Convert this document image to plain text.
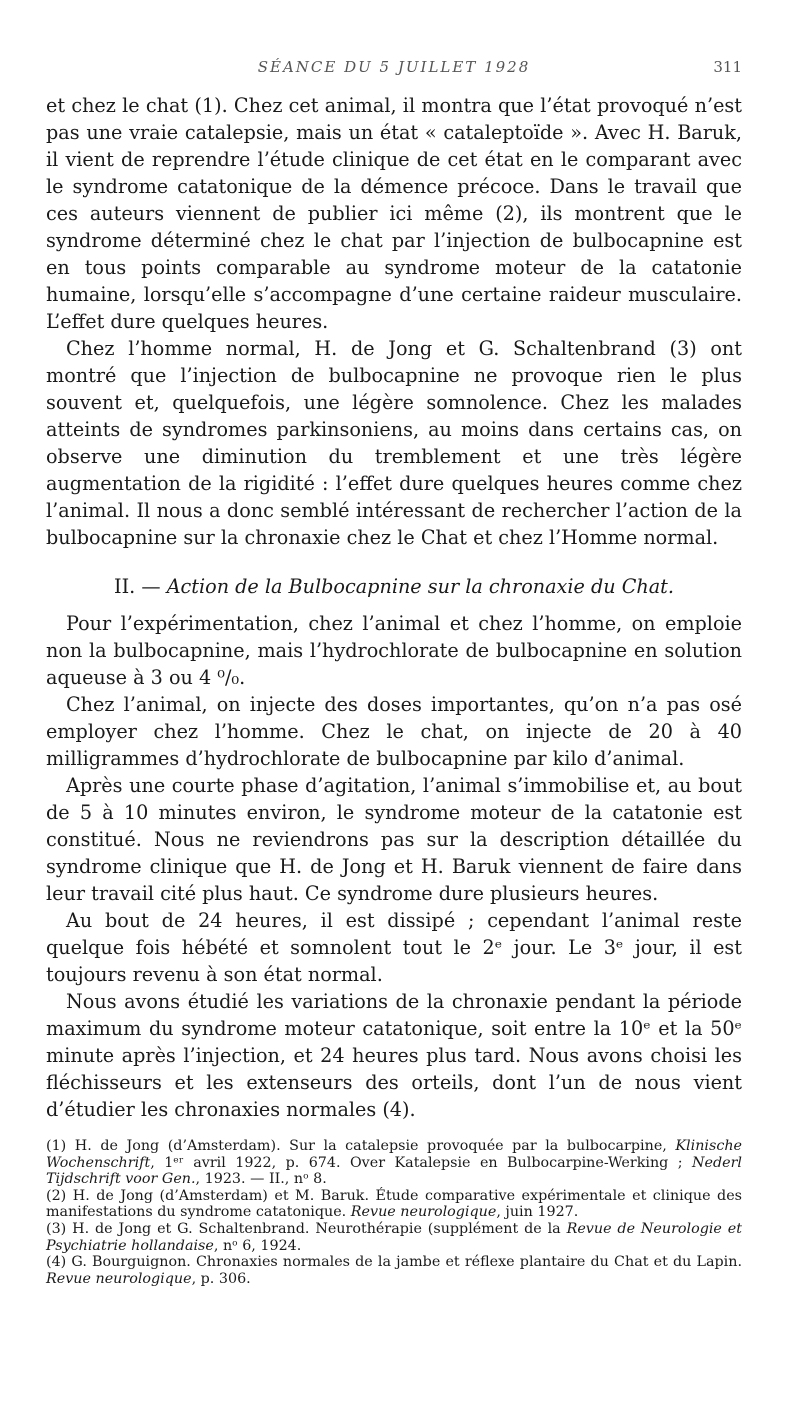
SÉANCE DU 5 JUILLET 1928	311

et chez le chat (1). Chez cet animal, il montra que l’état provoqué n’est pas une vraie catalepsie, mais un état « cataleptoïde ». Avec H. Baruk, il vient de reprendre l’étude clinique de cet état en le comparant avec le syndrome catatonique de la démence précoce. Dans le travail que ces auteurs viennent de publier ici même (2), ils montrent que le syndrome déterminé chez le chat par l’injection de bulbocapnine est en tous points comparable au syndrome moteur de la catatonie humaine, lorsqu’elle s’accompagne d’une certaine raideur musculaire. L’effet dure quelques heures.

Chez l’homme normal, H. de Jong et G. Schaltenbrand (3) ont montré que l’injection de bulbocapnine ne provoque rien le plus souvent et, quelquefois, une légère somnolence. Chez les malades atteints de syndromes parkinsoniens, au moins dans certains cas, on observe une diminution du tremblement et une très légère augmentation de la rigidité : l’effet dure quelques heures comme chez l’animal. Il nous a donc semblé intéressant de rechercher l’action de la bulbocapnine sur la chronaxie chez le Chat et chez l’Homme normal.

II. — Action de la Bulbocapnine sur la chronaxie du Chat.

Pour l’expérimentation, chez l’animal et chez l’homme, on emploie non la bulbocapnine, mais l’hydrochlorate de bulbocapnine en solution aqueuse à 3 ou 4 ⁰/₀.

Chez l’animal, on injecte des doses importantes, qu’on n’a pas osé employer chez l’homme. Chez le chat, on injecte de 20 à 40 milligrammes d’hydrochlorate de bulbocapnine par kilo d’animal.

Après une courte phase d’agitation, l’animal s’immobilise et, au bout de 5 à 10 minutes environ, le syndrome moteur de la catatonie est constitué. Nous ne reviendrons pas sur la description détaillée du syndrome clinique que H. de Jong et H. Baruk viennent de faire dans leur travail cité plus haut. Ce syndrome dure plusieurs heures.

Au bout de 24 heures, il est dissipé ; cependant l’animal reste quelque fois hébété et somnolent tout le 2ᵉ jour. Le 3ᵉ jour, il est toujours revenu à son état normal.

Nous avons étudié les variations de la chronaxie pendant la période maximum du syndrome moteur catatonique, soit entre la 10ᵉ et la 50ᵉ minute après l’injection, et 24 heures plus tard. Nous avons choisi les fléchisseurs et les extenseurs des orteils, dont l’un de nous vient d’étudier les chronaxies normales (4).

(1) H. de Jong (d’Amsterdam). Sur la catalepsie provoquée par la bulbocarpine, Klinische Wochenschrift, 1ᵉʳ avril 1922, p. 674. Over Katalepsie en Bulbocarpine-Werking ; Nederl Tijdschrift voor Gen., 1923. — II., nᵒ 8.

(2) H. de Jong (d’Amsterdam) et M. Baruk. Étude comparative expérimentale et clinique des manifestations du syndrome catatonique. Revue neurologique, juin 1927.

(3) H. de Jong et G. Schaltenbrand. Neurothérapie (supplément de la Revue de Neurologie et Psychiatrie hollandaise, nᵒ 6, 1924.

(4) G. Bourguignon. Chronaxies normales de la jambe et réflexe plantaire du Chat et du Lapin. Revue neurologique, p. 306.
